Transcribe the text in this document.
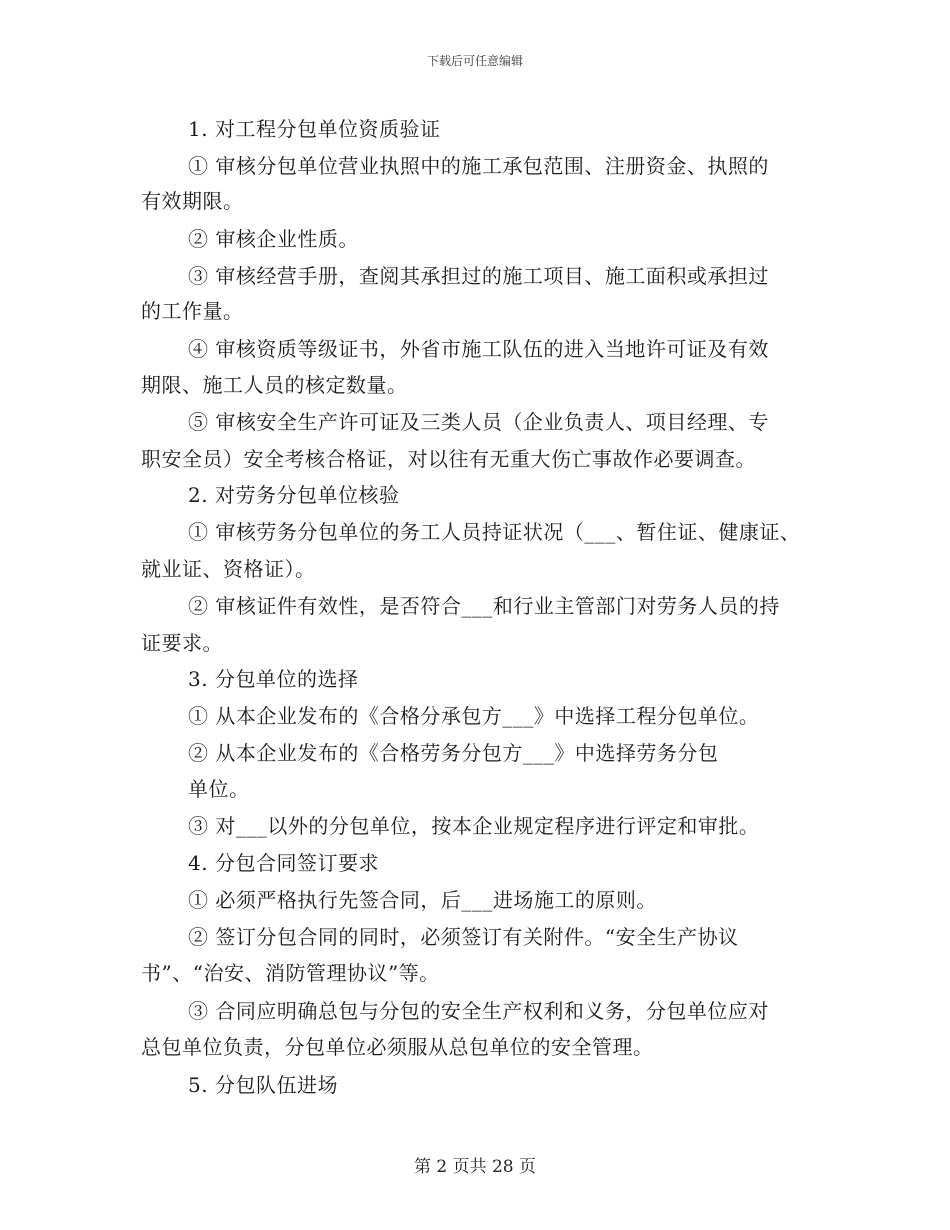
下载后可任意编辑
1. 对工程分包单位资质验证
① 审核分包单位营业执照中的施工承包范围、注册资金、执照的
有效期限。
② 审核企业性质。
③ 审核经营手册，查阅其承担过的施工项目、施工面积或承担过
的工作量。
④ 审核资质等级证书，外省市施工队伍的进入当地许可证及有效
期限、施工人员的核定数量。
⑤ 审核安全生产许可证及三类人员（企业负责人、项目经理、专
职安全员）安全考核合格证，对以往有无重大伤亡事故作必要调查。
2. 对劳务分包单位核验
① 审核劳务分包单位的务工人员持证状况（___、暂住证、健康证、
就业证、资格证）。
② 审核证件有效性，是否符合___和行业主管部门对劳务人员的持
证要求。
3. 分包单位的选择
① 从本企业发布的《合格分承包方___》中选择工程分包单位。
② 从本企业发布的《合格劳务分包方___》中选择劳务分包
单位。
③ 对___以外的分包单位，按本企业规定程序进行评定和审批。
4. 分包合同签订要求
① 必须严格执行先签合同，后___进场施工的原则。
② 签订分包合同的同时，必须签订有关附件。“安全生产协议
书”、“治安、消防管理协议”等。
③ 合同应明确总包与分包的安全生产权利和义务，分包单位应对
总包单位负责，分包单位必须服从总包单位的安全管理。
5. 分包队伍进场
第 2 页共 28 页
